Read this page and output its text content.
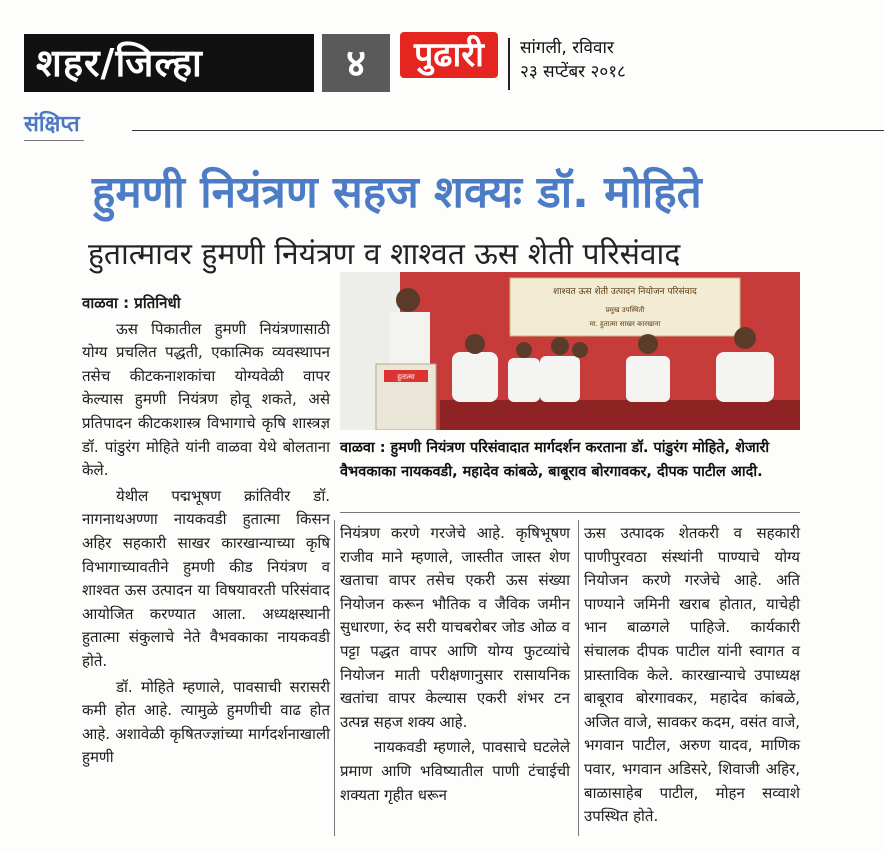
शहर/जिल्हा	४	पुढारी	सांगली, रविवार
२३ सप्टेंबर २०१८
संक्षिप्त
हुमणी नियंत्रण सहज शक्यः डॉ. मोहिते
हुतात्मावर हुमणी नियंत्रण व शाश्वत ऊस शेती परिसंवाद
वाळवा : प्रतिनिधी

ऊस पिकातील हुमणी नियंत्रणासाठी योग्य प्रचलित पद्धती, एकात्मिक व्यवस्थापन तसेच कीटकनाशकांचा योग्यवेळी वापर केल्यास हुमणी नियंत्रण होवू शकते, असे प्रतिपादन कीटकशास्त्र विभागाचे कृषि शास्त्रज्ञ डॉ. पांडुरंग मोहिते यांनी वाळवा येथे बोलताना केले.

येथील पद्मभूषण क्रांतिवीर डॉ. नागनाथअण्णा नायकवडी हुतात्मा किसन अहिर सहकारी साखर कारखान्याच्या कृषि विभागाच्यावतीने हुमणी कीड नियंत्रण व शाश्वत ऊस उत्पादन या विषयावरती परिसंवाद आयोजित करण्यात आला. अध्यक्षस्थानी हुतात्मा संकुलाचे नेते वैभवकाका नायकवडी होते.

डॉ. मोहिते म्हणाले, पावसाची सरासरी कमी होत आहे. त्यामुळे हुमणीची वाढ होत आहे. अशावेळी कृषितज्ज्ञांच्या मार्गदर्शनाखाली हुमणी

शाश्वत ऊस शेती उत्पादन नियोजन परिसंवाद
प्रमुख उपस्थिती
मा. हुतात्मा साखर कारखाना
हुतात्मा
वाळवा : हुमणी नियंत्रण परिसंवादात मार्गदर्शन करताना डॉ. पांडुरंग मोहिते, शेजारी वैभवकाका नायकवडी, महादेव कांबळे, बाबूराव बोरगावकर, दीपक पाटील आदी.

नियंत्रण करणे गरजेचे आहे. कृषिभूषण राजीव माने म्हणाले, जास्तीत जास्त शेण खताचा वापर तसेच एकरी ऊस संख्या नियोजन करून भौतिक व जैविक जमीन सुधारणा, रुंद सरी याचबरोबर जोड ओळ व पट्टा पद्धत वापर आणि योग्य फुटव्यांचे नियोजन माती परीक्षणानुसार रासायनिक खतांचा वापर केल्यास एकरी शंभर टन उत्पन्न सहज शक्य आहे.

नायकवडी म्हणाले, पावसाचे घटलेले प्रमाण आणि भविष्यातील पाणी टंचाईची शक्यता गृहीत धरून

ऊस उत्पादक शेतकरी व सहकारी पाणीपुरवठा संस्थांनी पाण्याचे योग्य नियोजन करणे गरजेचे आहे. अति पाण्याने जमिनी खराब होतात, याचेही भान बाळगले पाहिजे. कार्यकारी संचालक दीपक पाटील यांनी स्वागत व प्रास्ताविक केले. कारखान्याचे उपाध्यक्ष बाबूराव बोरगावकर, महादेव कांबळे, अजित वाजे, सावकर कदम, वसंत वाजे, भगवान पाटील, अरुण यादव, माणिक पवार, भगवान अडिसरे, शिवाजी अहिर, बाळासाहेब पाटील, मोहन सव्वाशे उपस्थित होते.
